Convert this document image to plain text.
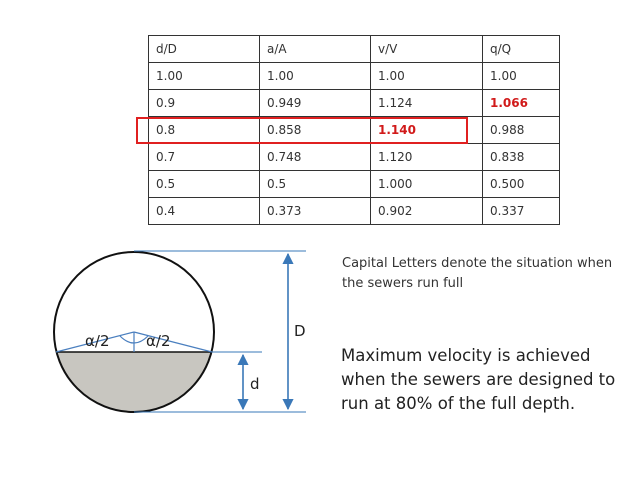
d/D	a/A	v/V	q/Q
1.00	1.00	1.00	1.00
0.9	0.949	1.124	1.066
0.8	0.858	1.140	0.988
0.7	0.748	1.120	0.838
0.5	0.5	1.000	0.500
0.4	0.373	0.902	0.337
α/2 α/2
D
d
Capital Letters denote the situation when the sewers run full
Maximum velocity is achieved when the sewers are designed to run at 80% of the full depth.
